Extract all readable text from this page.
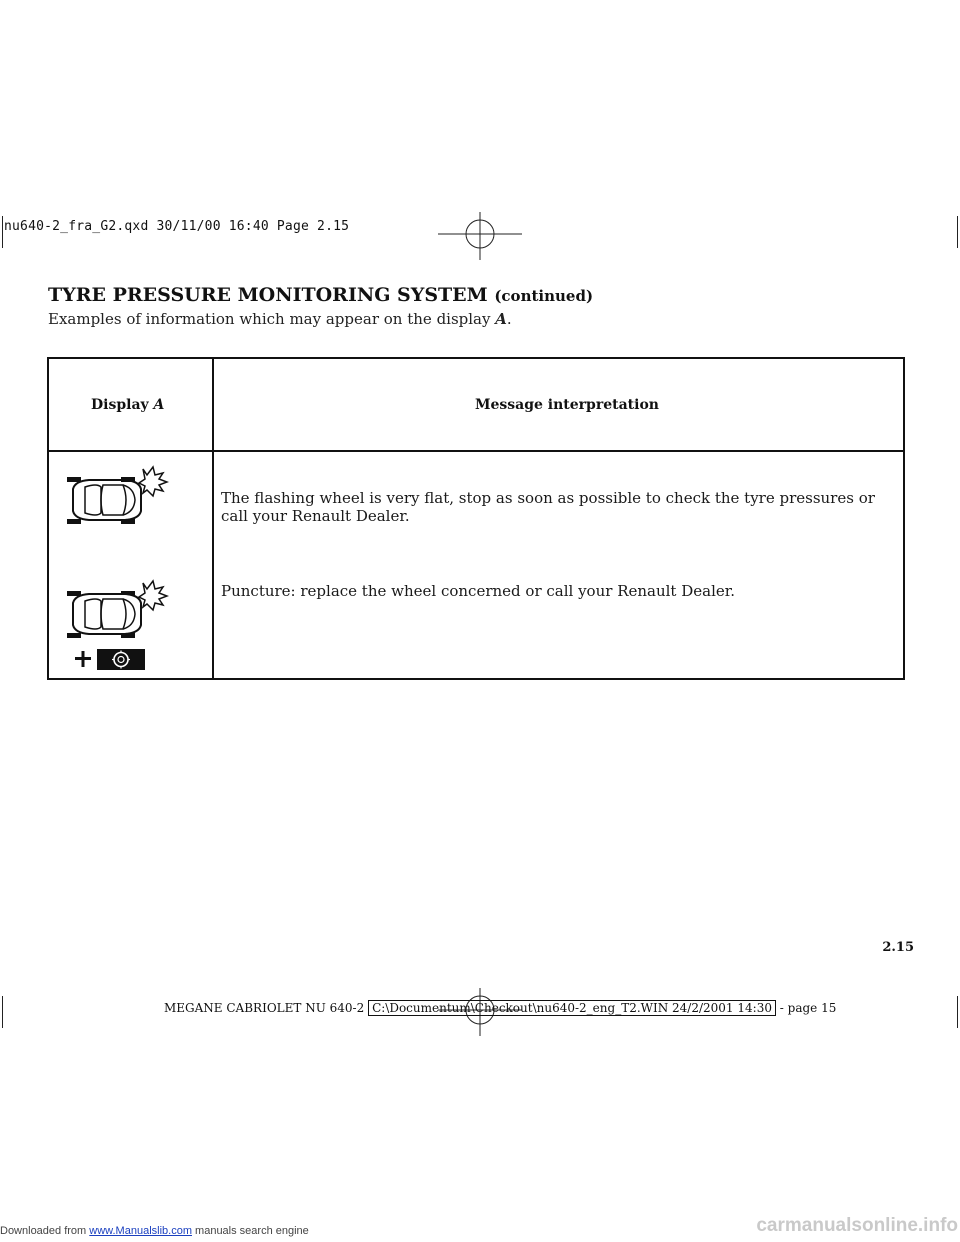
nu640-2_fra_G2.qxd 30/11/00 16:40 Page 2.15
TYRE PRESSURE MONITORING SYSTEM (continued)
Examples of information which may appear on the display A.
Display A	Message interpretation
The flashing wheel is very flat, stop as soon as possible to check the tyre pressures or call your Renault Dealer.
Puncture: replace the wheel concerned or call your Renault Dealer.
2.15
MEGANE CABRIOLET NU 640-2 C:\Documentum\Checkout\nu640-2_eng_T2.WIN 24/2/2001 14:30 - page 15
Downloaded from www.Manualslib.com manuals search engine	carmanualsonline.info
